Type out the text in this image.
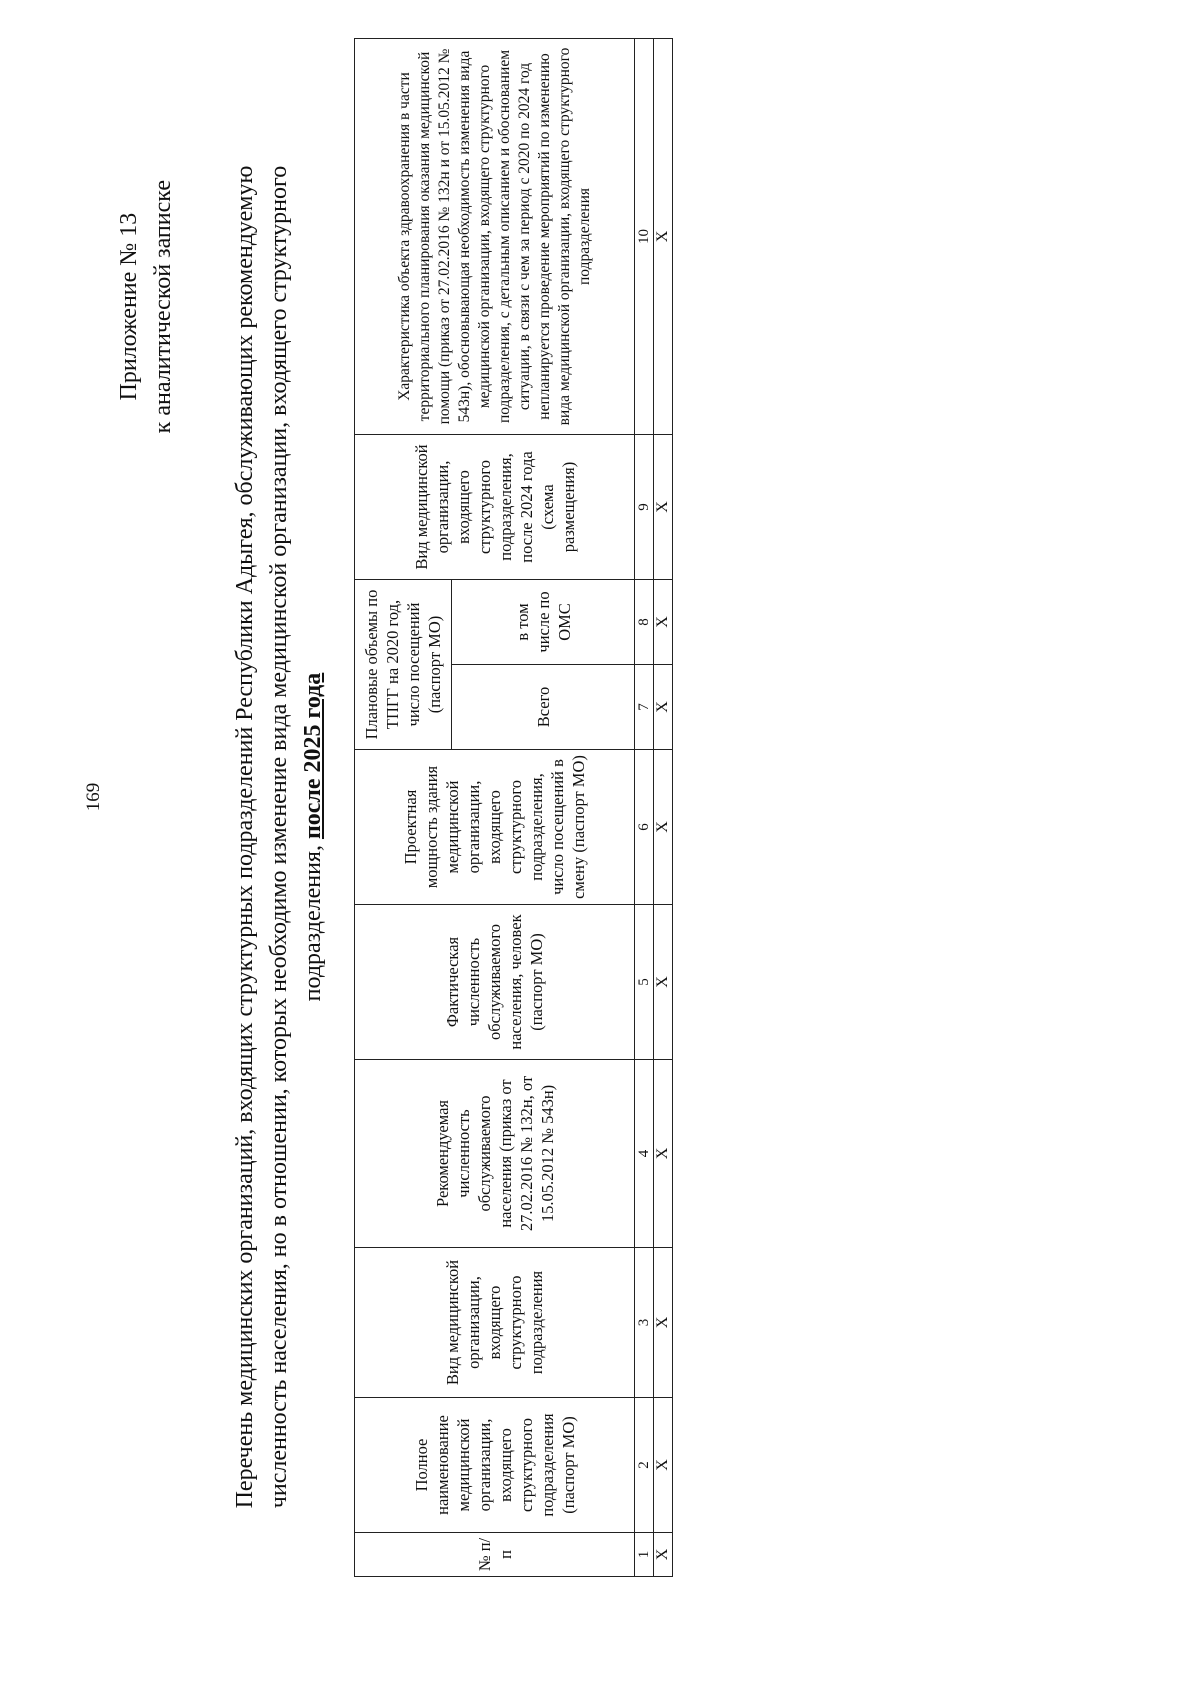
169
Приложение № 13 к аналитической записке Перечень медицинских организаций, входящих структурных подразделений Республики Адыгея, обслуживающих рекомендуемую численность населения, но в отношении, которых необходимо изменение вида медицинской организации, входящего структурного подразделения, после 2025 года
№ п/п	Полное наименование медицинской организации, входящего структурного подразделения (паспорт МО)	Вид медицинской организации, входящего структурного подразделения	Рекомендуемая численность обслуживаемого населения (приказ от 27.02.2016 № 132н, от 15.05.2012 № 543н)	Фактическая численность обслуживаемого населения, человек (паспорт МО)	Проектная мощность здания медицинской организации, входящего структурного подразделения, число посещений в смену (паспорт МО)	Плановые объемы по ТПГГ на 2020 год, число посещений (паспорт МО)		Вид медицинской организации, входящего структурного подразделения, после 2024 года (схема размещения)	Характеристика объекта здравоохранения в части территориального планирования оказания медицинской помощи (приказ от 27.02.2016 № 132н и от 15.05.2012 № 543н), обосновывающая необходимость изменения вида медицинской организации, входящего структурного подразделения, с детальным описанием и обоснованием ситуации, в связи с чем за период с 2020 по 2024 год непланируется проведение мероприятий по изменению вида медицинской организации, входящего структурного подразделения
						Всего	в том числе по ОМС		
1	2	3	4	5	6	7	8	9	10
Х	Х	Х	Х	Х	Х	Х	Х	Х	Х
